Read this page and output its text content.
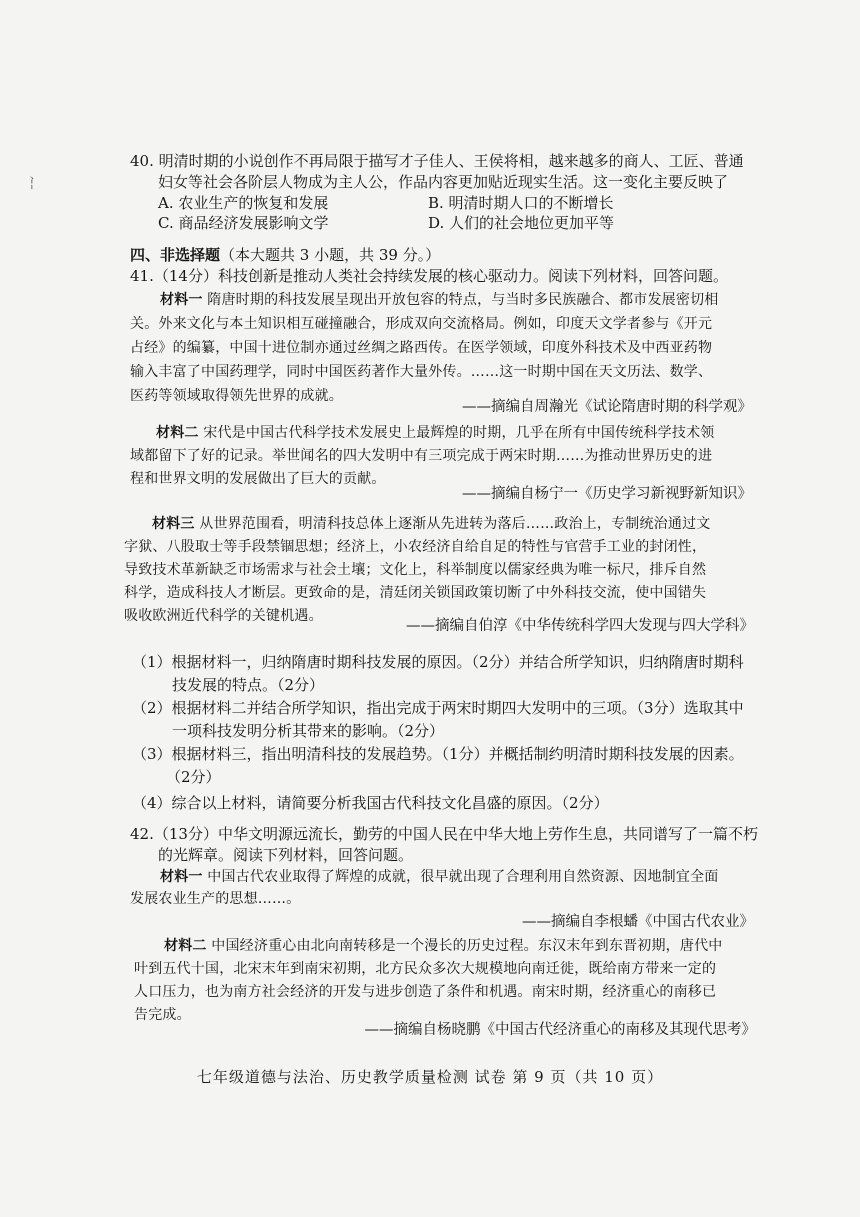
、
¦
40. 明清时期的小说创作不再局限于描写才子佳人、王侯将相，越来越多的商人、工匠、普通
妇女等社会各阶层人物成为主人公，作品内容更加贴近现实生活。这一变化主要反映了
A. 农业生产的恢复和发展	B. 明清时期人口的不断增长
C. 商品经济发展影响文学	D. 人们的社会地位更加平等
四、非选择题（本大题共 3 小题，共 39 分。）
41.（14分）科技创新是推动人类社会持续发展的核心驱动力。阅读下列材料，回答问题。
材料一 隋唐时期的科技发展呈现出开放包容的特点，与当时多民族融合、都市发展密切相
关。外来文化与本土知识相互碰撞融合，形成双向交流格局。例如，印度天文学者参与《开元
占经》的编纂，中国十进位制亦通过丝绸之路西传。在医学领域，印度外科技术及中西亚药物
输入丰富了中国药理学，同时中国医药著作大量外传。……这一时期中国在天文历法、数学、
医药等领域取得领先世界的成就。
——摘编自周瀚光《试论隋唐时期的科学观》
材料二 宋代是中国古代科学技术发展史上最辉煌的时期，几乎在所有中国传统科学技术领
域都留下了好的记录。举世闻名的四大发明中有三项完成于两宋时期……为推动世界历史的进
程和世界文明的发展做出了巨大的贡献。
——摘编自杨宁一《历史学习新视野新知识》
材料三 从世界范围看，明清科技总体上逐渐从先进转为落后……政治上，专制统治通过文
字狱、八股取士等手段禁锢思想；经济上，小农经济自给自足的特性与官营手工业的封闭性，
导致技术革新缺乏市场需求与社会土壤；文化上，科举制度以儒家经典为唯一标尺，排斥自然
科学，造成科技人才断层。更致命的是，清廷闭关锁国政策切断了中外科技交流，使中国错失
吸收欧洲近代科学的关键机遇。
——摘编自伯淳《中华传统科学四大发现与四大学科》
（1）根据材料一，归纳隋唐时期科技发展的原因。（2分）并结合所学知识，归纳隋唐时期科
技发展的特点。（2分）
（2）根据材料二并结合所学知识，指出完成于两宋时期四大发明中的三项。（3分）选取其中
一项科技发明分析其带来的影响。（2分）
（3）根据材料三，指出明清科技的发展趋势。（1分）并概括制约明清时期科技发展的因素。
（2分）
（4）综合以上材料，请简要分析我国古代科技文化昌盛的原因。（2分）
42.（13分）中华文明源远流长，勤劳的中国人民在中华大地上劳作生息，共同谱写了一篇不朽
的光辉章。阅读下列材料，回答问题。
材料一 中国古代农业取得了辉煌的成就，很早就出现了合理利用自然资源、因地制宜全面
发展农业生产的思想……。
——摘编自李根蟠《中国古代农业》
材料二 中国经济重心由北向南转移是一个漫长的历史过程。东汉末年到东晋初期，唐代中
叶到五代十国，北宋末年到南宋初期，北方民众多次大规模地向南迁徙，既给南方带来一定的
人口压力，也为南方社会经济的开发与进步创造了条件和机遇。南宋时期，经济重心的南移已
告完成。
——摘编自杨晓鹏《中国古代经济重心的南移及其现代思考》
七年级道德与法治、历史教学质量检测 试卷 第 9 页（共 10 页）
